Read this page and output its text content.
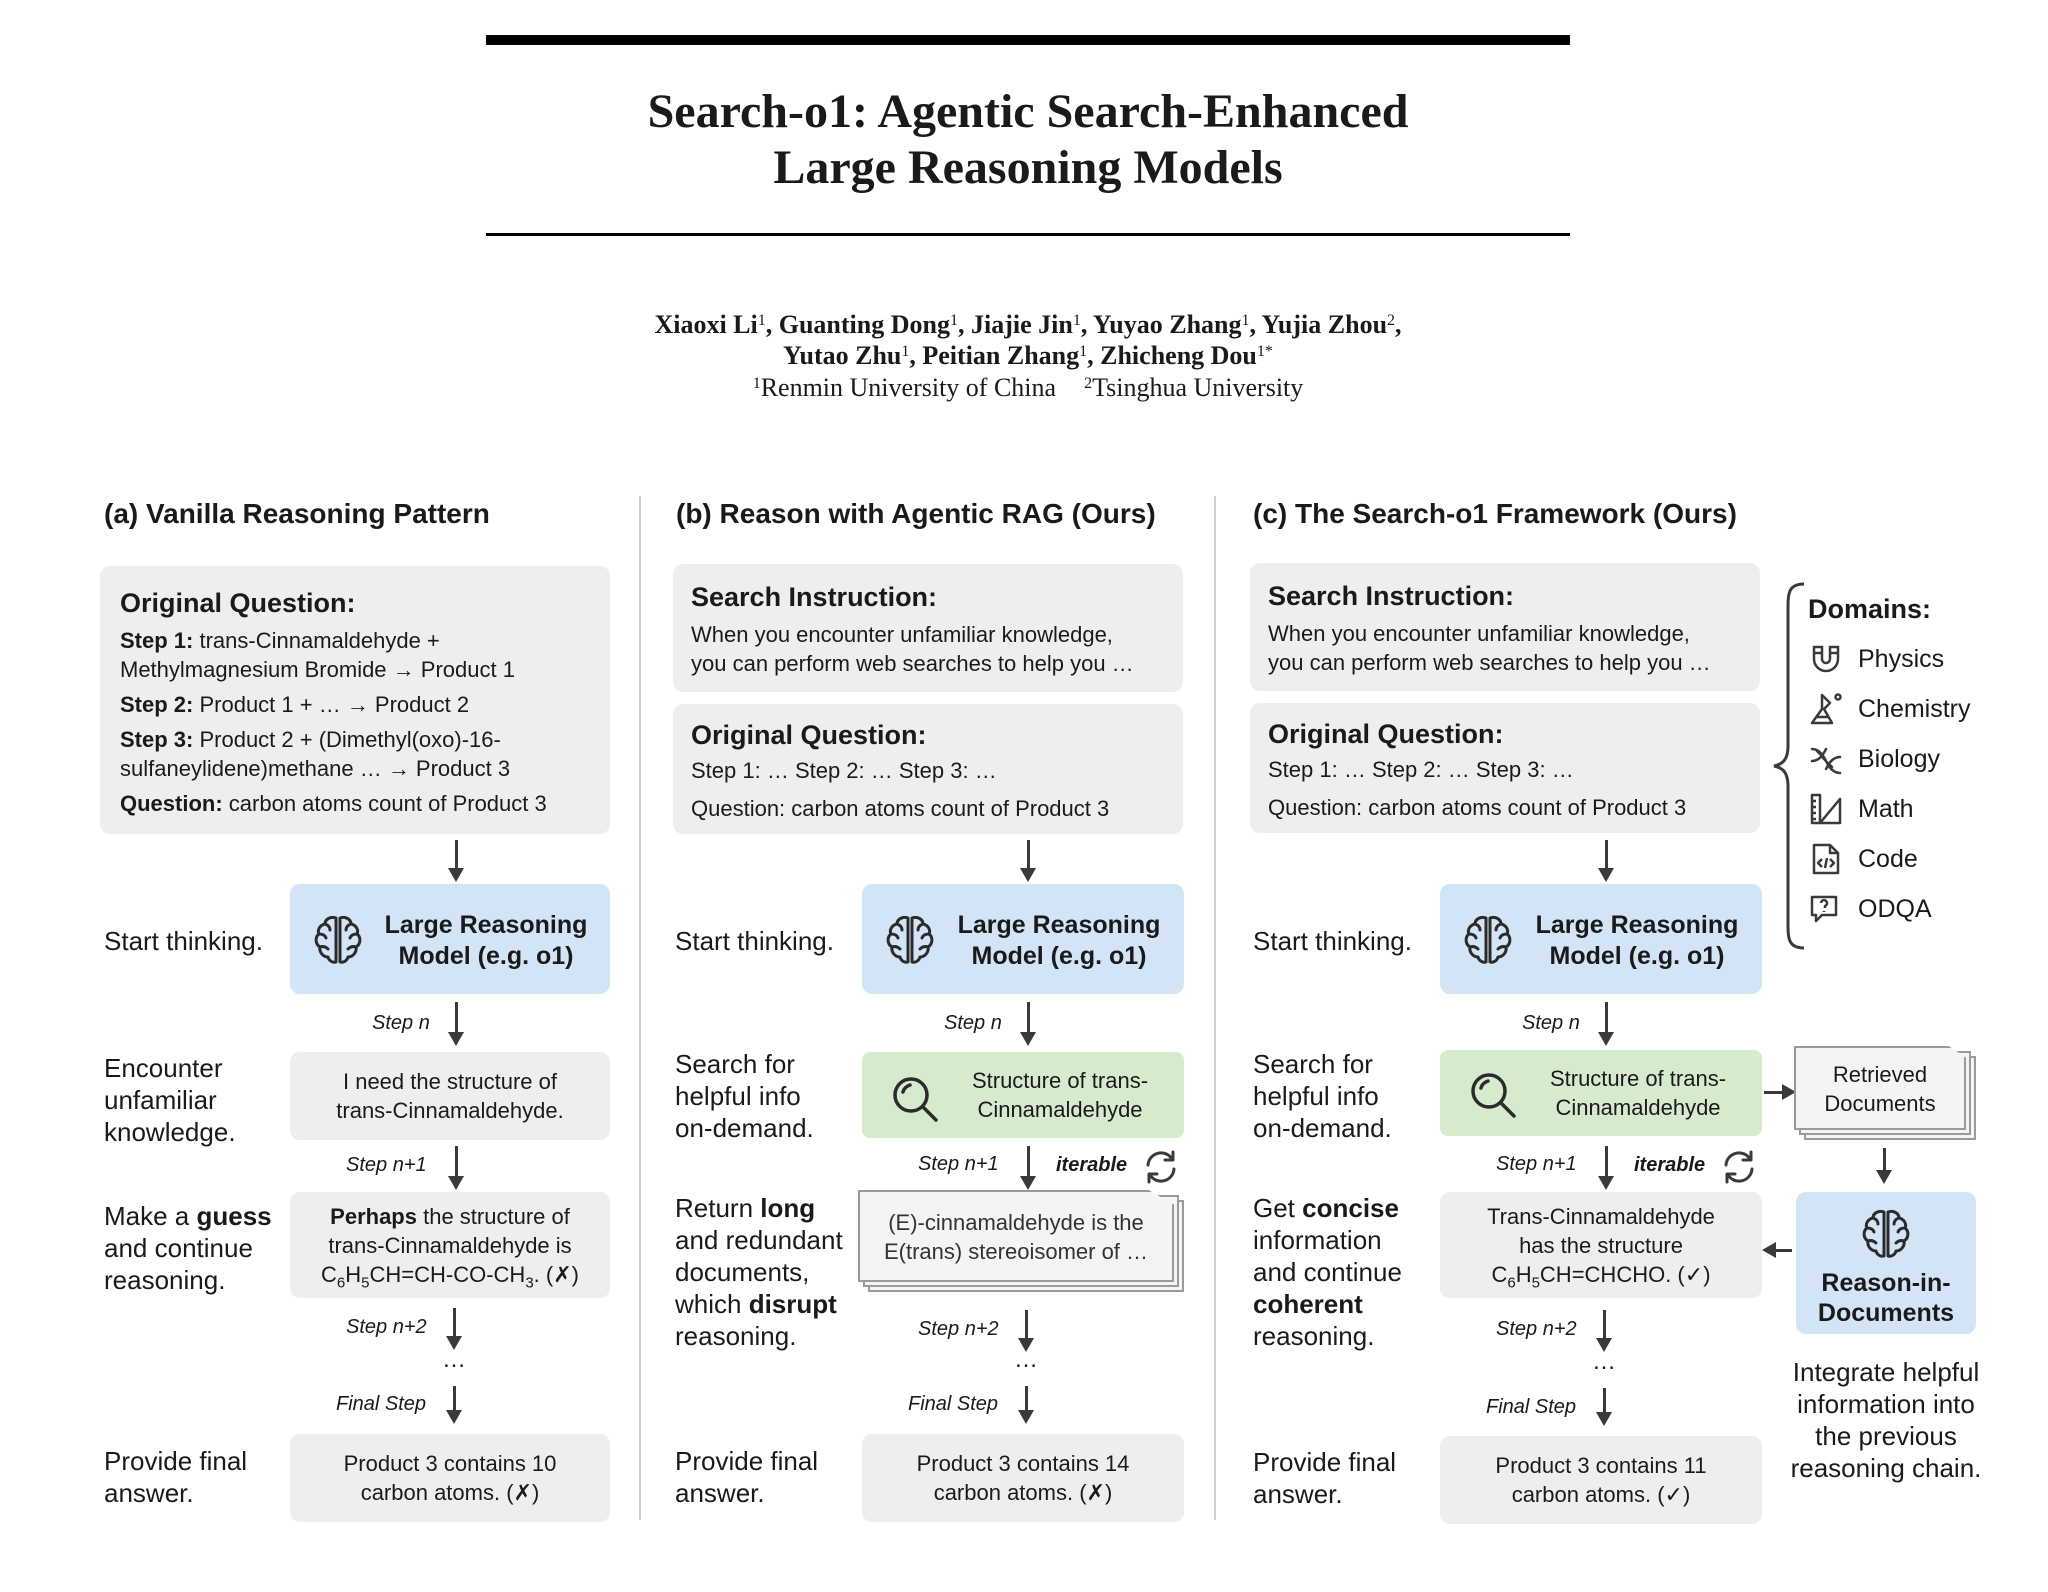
Search-o1: Agentic Search-Enhanced
Large Reasoning Models
Xiaoxi Li$^1$, Guanting Dong$^1$, Jiajie Jin$^1$, Yuyao Zhang$^1$, Yujia Zhou$^2$,
Yutao Zhu$^1$, Peitian Zhang$^1$, Zhicheng Dou$^{1*}$
$^1$Renmin University of China $^2$Tsinghua University
(a) Vanilla Reasoning Pattern
Original Question:
Step 1: trans-Cinnamaldehyde +
Methylmagnesium Bromide → Product 1
Step 2: Product 1 + … → Product 2
Step 3: Product 2 + (Dimethyl(oxo)-16-
sulfaneylidene)methane … → Product 3
Question: carbon atoms count of Product 3
Start thinking.
Large Reasoning
Model (e.g. o1)
Step n
Encounter
unfamiliar
knowledge.
I need the structure of
trans-Cinnamaldehyde.
Step n+1
Make a guess
and continue
reasoning.
Perhaps the structure of
trans-Cinnamaldehyde is
$C_6H_5CH=CH-CO-CH_3$. (✗)
Step n+2
…
Final Step
Provide final
answer.
Product 3 contains 10
carbon atoms. (✗)
(b) Reason with Agentic RAG (Ours)
Search Instruction:
When you encounter unfamiliar knowledge,
you can perform web searches to help you …
Original Question:
Step 1: … Step 2: … Step 3: …
Question: carbon atoms count of Product 3
Start thinking.
Large Reasoning
Model (e.g. o1)
Step n
Search for
helpful info
on-demand.
Structure of trans-
Cinnamaldehyde
Step n+1	iterable
Return long
and redundant
documents,
which disrupt
reasoning.
(E)-cinnamaldehyde is the
E(trans) stereoisomer of …
Step n+2
…
Final Step
Provide final
answer.
Product 3 contains 14
carbon atoms. (✗)
(c) The Search-o1 Framework (Ours)
Search Instruction:
When you encounter unfamiliar knowledge,
you can perform web searches to help you …
Original Question:
Step 1: … Step 2: … Step 3: …
Question: carbon atoms count of Product 3
Domains:
Physics
Chemistry
Biology
Math
Code
ODQA
Start thinking.
Large Reasoning
Model (e.g. o1)
Step n
Search for
helpful info
on-demand.
Structure of trans-
Cinnamaldehyde
Retrieved
Documents
Step n+1	iterable
Get concise
information
and continue
coherent
reasoning.
Trans-Cinnamaldehyde
has the structure
$C_6H_5CH=CHCHO$. (✓)	Reason-in-
Documents
Integrate helpful
information into
the previous
reasoning chain.
Step n+2
…
Final Step
Provide final
answer.
Product 3 contains 11
carbon atoms. (✓)
